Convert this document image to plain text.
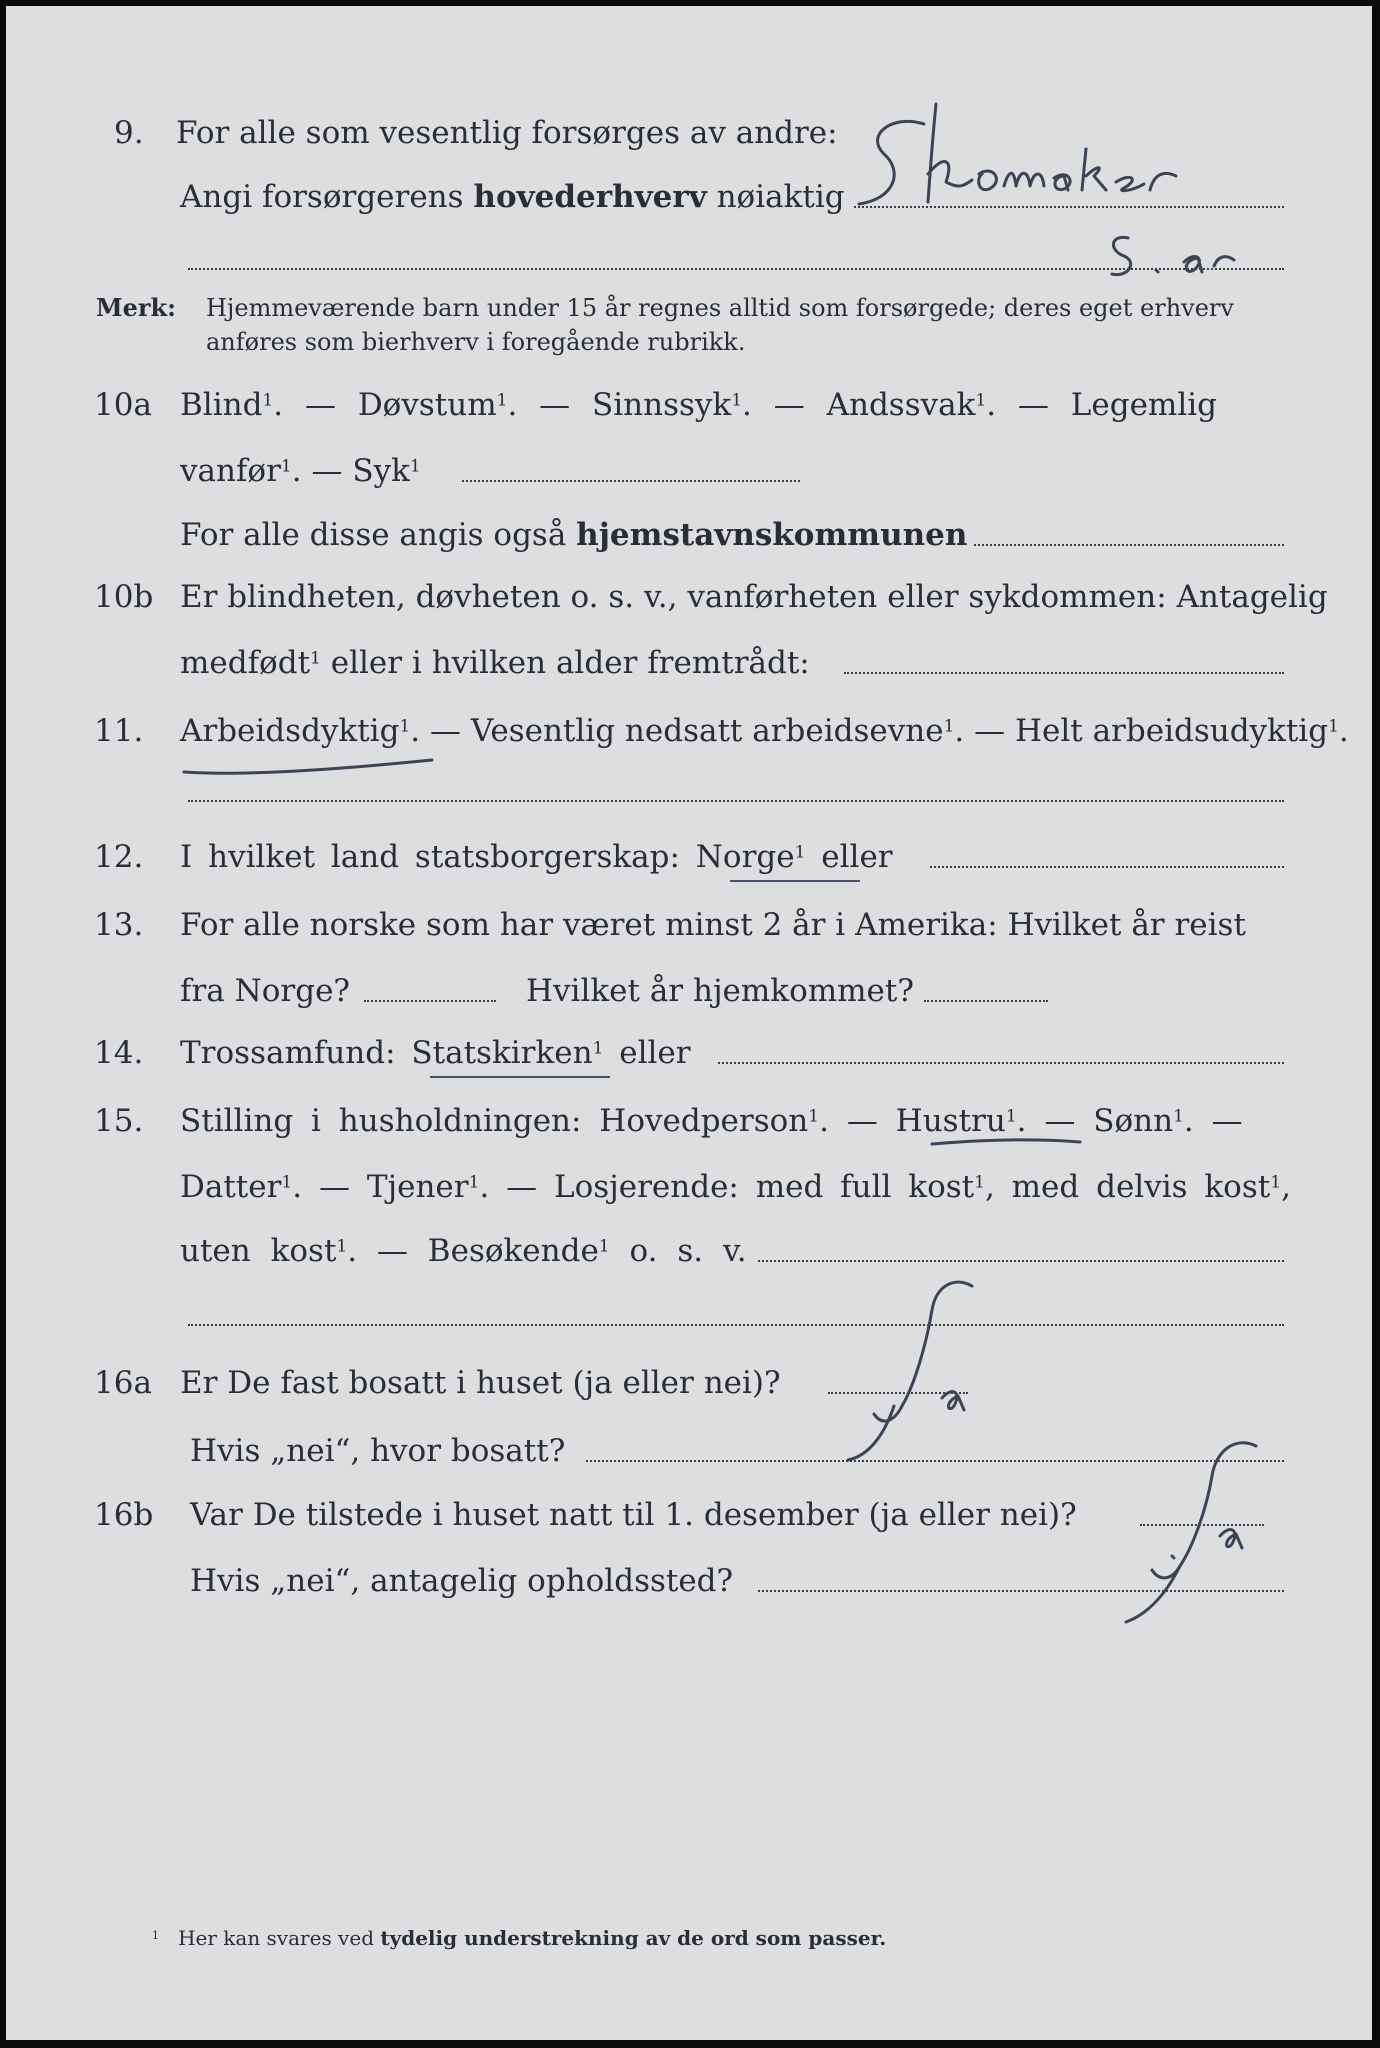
9. For alle som vesentlig forsørges av andre:
Angi forsørgerens hovederhverv nøiaktig
Merk: Hjemmeværende barn under 15 år regnes alltid som forsørgede; deres eget erhverv
anføres som bierhverv i foregående rubrikk.
10a Blind$^1$. — Døvstum$^1$. — Sinnssyk$^1$. — Andssvak$^1$. — Legemlig
vanfør$^1$. — Syk$^1$
For alle disse angis også hjemstavnskommunen
10b Er blindheten, døvheten o. s. v., vanførheten eller sykdommen: Antagelig
medfødt$^1$ eller i hvilken alder fremtrådt:
11. Arbeidsdyktig$^1$. — Vesentlig nedsatt arbeidsevne$^1$. — Helt arbeidsudyktig$^1$.
12. I hvilket land statsborgerskap: Norge$^1$ eller
13. For alle norske som har været minst 2 år i Amerika: Hvilket år reist
fra Norge?	Hvilket år hjemkommet?
14. Trossamfund: Statskirken$^1$ eller
15. Stilling i husholdningen: Hovedperson$^1$. — Hustru$^1$. — Sønn$^1$. —
Datter$^1$. — Tjener$^1$. — Losjerende: med full kost$^1$, med delvis kost$^1$,
uten kost$^1$. — Besøkende$^1$ o. s. v.
16a Er De fast bosatt i huset (ja eller nei)?
Hvis „nei“, hvor bosatt?
16b Var De tilstede i huset natt til 1. desember (ja eller nei)?
Hvis „nei“, antagelig opholdssted?
$^1$ Her kan svares ved tydelig understrekning av de ord som passer.
